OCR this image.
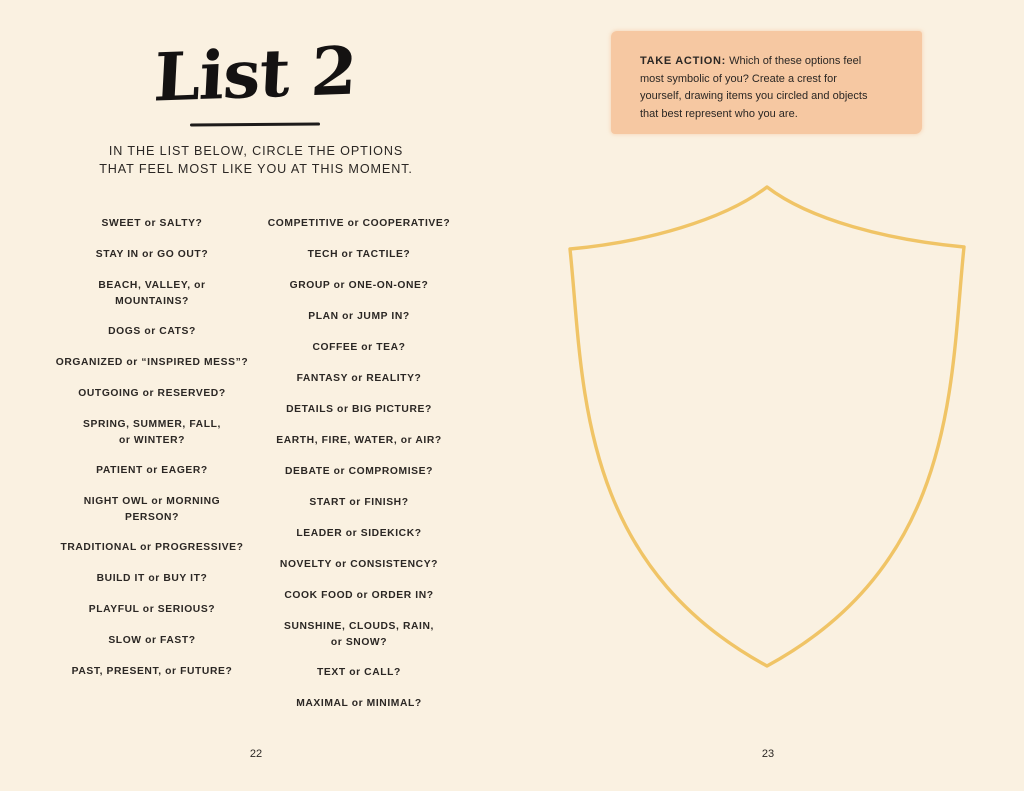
List 2
IN THE LIST BELOW, CIRCLE THE OPTIONS
THAT FEEL MOST LIKE YOU AT THIS MOMENT.
SWEET or SALTY?
STAY IN or GO OUT?
BEACH, VALLEY, or
MOUNTAINS?
DOGS or CATS?
ORGANIZED or “INSPIRED MESS”?
OUTGOING or RESERVED?
SPRING, SUMMER, FALL,
or WINTER?
PATIENT or EAGER?
NIGHT OWL or MORNING
PERSON?
TRADITIONAL or PROGRESSIVE?
BUILD IT or BUY IT?
PLAYFUL or SERIOUS?
SLOW or FAST?
PAST, PRESENT, or FUTURE?
COMPETITIVE or COOPERATIVE?
TECH or TACTILE?
GROUP or ONE-ON-ONE?
PLAN or JUMP IN?
COFFEE or TEA?
FANTASY or REALITY?
DETAILS or BIG PICTURE?
EARTH, FIRE, WATER, or AIR?
DEBATE or COMPROMISE?
START or FINISH?
LEADER or SIDEKICK?
NOVELTY or CONSISTENCY?
COOK FOOD or ORDER IN?
SUNSHINE, CLOUDS, RAIN,
or SNOW?
TEXT or CALL?
MAXIMAL or MINIMAL?
22
TAKE ACTION: Which of these options feel
most symbolic of you? Create a crest for
yourself, drawing items you circled and objects
that best represent who you are.
23
